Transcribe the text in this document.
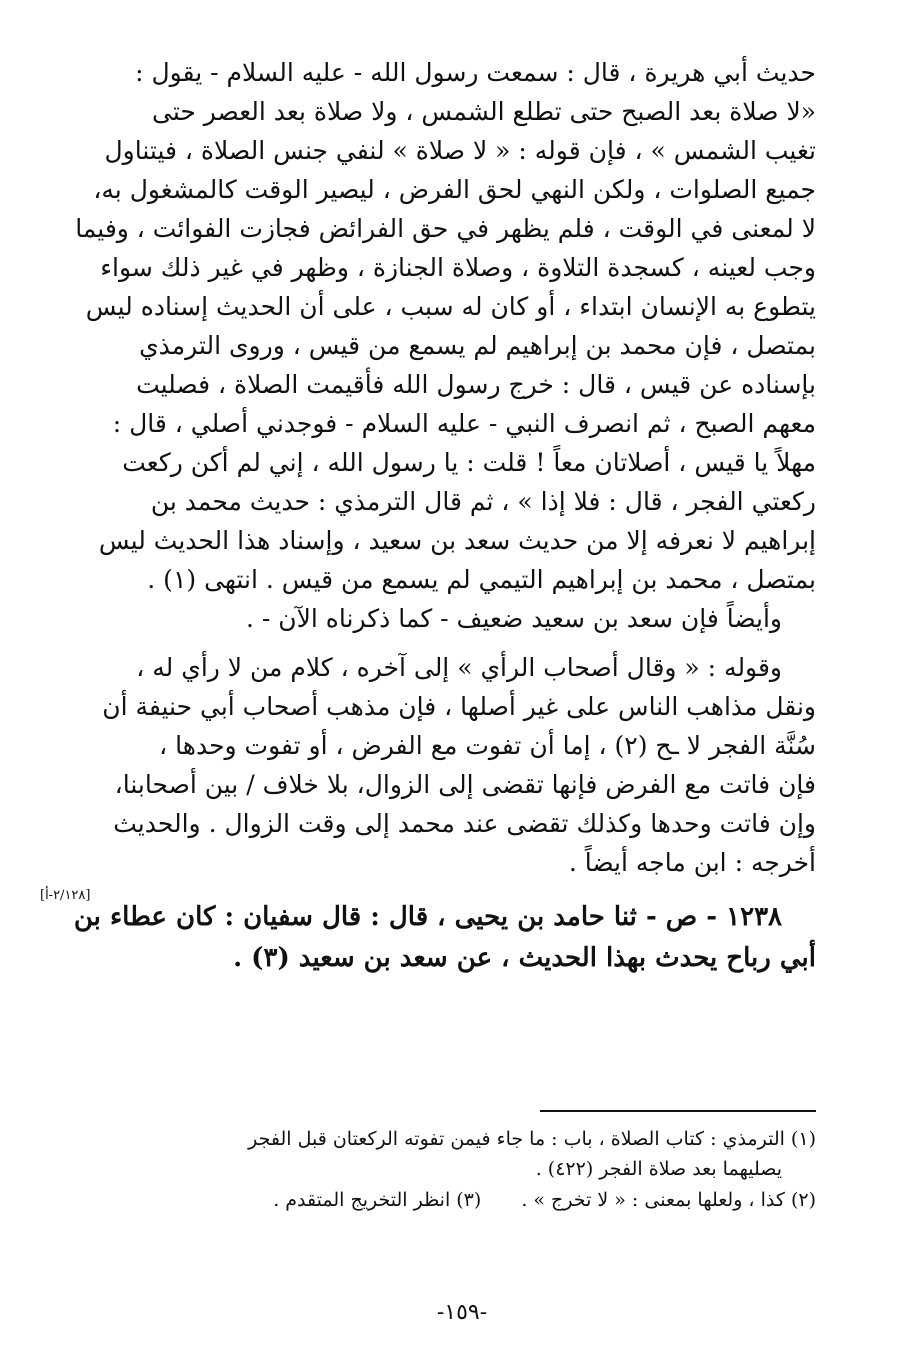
حديث أبي هريرة ، قال : سمعت رسول الله - عليه السلام - يقول :
«لا صلاة بعد الصبح حتى تطلع الشمس ، ولا صلاة بعد العصر حتى
تغيب الشمس » ، فإن قوله : « لا صلاة » لنفي جنس الصلاة ، فيتناول
جميع الصلوات ، ولكن النهي لحق الفرض ، ليصير الوقت كالمشغول به،
لا لمعنى في الوقت ، فلم يظهر في حق الفرائض فجازت الفوائت ، وفيما
وجب لعينه ، كسجدة التلاوة ، وصلاة الجنازة ، وظهر في غير ذلك سواء
يتطوع به الإنسان ابتداء ، أو كان له سبب ، على أن الحديث إسناده ليس
بمتصل ، فإن محمد بن إبراهيم لم يسمع من قيس ، وروى الترمذي
بإسناده عن قيس ، قال : خرج رسول الله فأقيمت الصلاة ، فصليت
معهم الصبح ، ثم انصرف النبي - عليه السلام - فوجدني أصلي ، قال :
مهلاً يا قيس ، أصلاتان معاً ! قلت : يا رسول الله ، إني لم أكن ركعت
ركعتي الفجر ، قال : فلا إذا » ، ثم قال الترمذي : حديث محمد بن
إبراهيم لا نعرفه إلا من حديث سعد بن سعيد ، وإسناد هذا الحديث ليس
بمتصل ، محمد بن إبراهيم التيمي لم يسمع من قيس . انتهى (١) .
وأيضاً فإن سعد بن سعيد ضعيف - كما ذكرناه الآن - .
وقوله : « وقال أصحاب الرأي » إلى آخره ، كلام من لا رأي له ،
ونقل مذاهب الناس على غير أصلها ، فإن مذهب أصحاب أبي حنيفة أن
سُنَّة الفجر لا ـح (٢) ، إما أن تفوت مع الفرض ، أو تفوت وحدها ،
فإن فاتت مع الفرض فإنها تقضى إلى الزوال، بلا خلاف / بين أصحابنا،
وإن فاتت وحدها وكذلك تقضى عند محمد إلى وقت الزوال . والحديث
أخرجه : ابن ماجه أيضاً .
١٢٣٨ - ص - ثنا حامد بن يحيى ، قال : قال سفيان : كان عطاء بن
أبي رباح يحدث بهذا الحديث ، عن سعد بن سعيد (٣) .
[٢/١٢٨-أ]
(١) الترمذي : كتاب الصلاة ، باب : ما جاء فيمن تفوته الركعتان قبل الفجر
يصليهما بعد صلاة الفجر (٤٢٢) .
(٢) كذا ، ولعلها بمعنى : « لا تخرج » .(٣) انظر التخريج المتقدم .
-١٥٩-
